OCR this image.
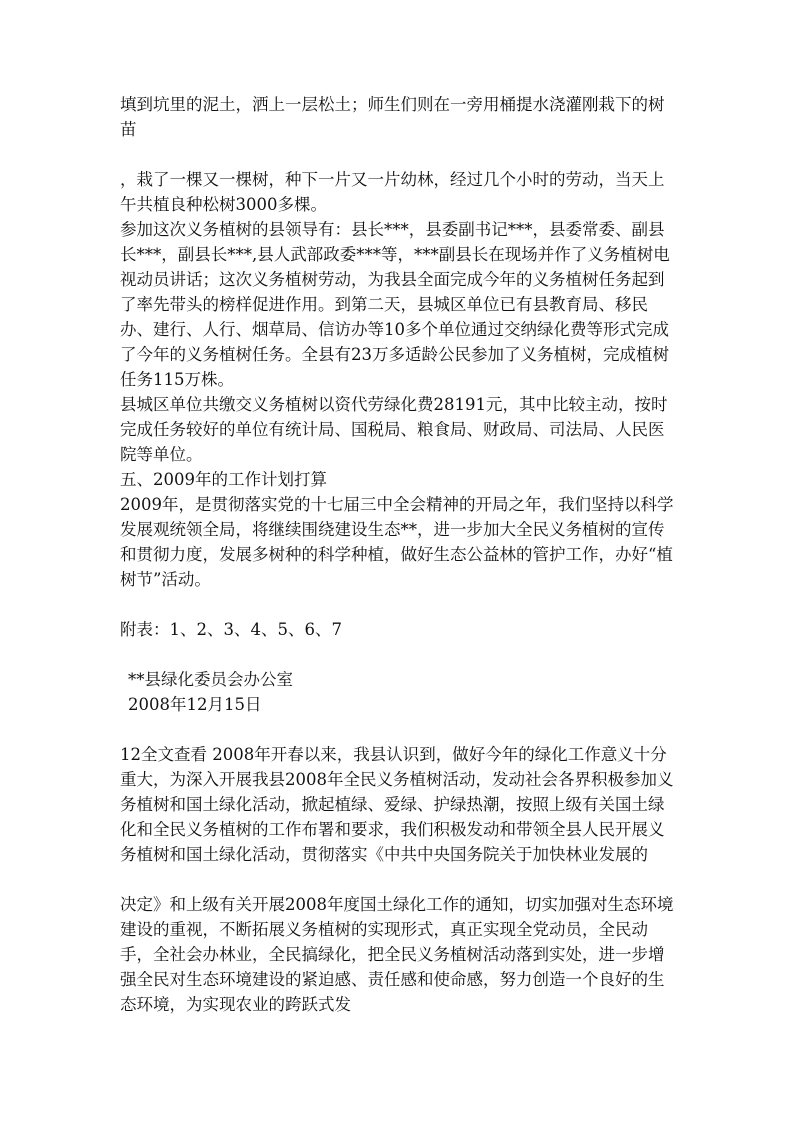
填到坑里的泥土，洒上一层松土；师生们则在一旁用桶提水浇灌刚栽下的树苗

，栽了一棵又一棵树，种下一片又一片幼林，经过几个小时的劳动，当天上午共植良种松树3000多棵。

参加这次义务植树的县领导有：县长***，县委副书记***，县委常委、副县长***，副县长***,县人武部政委***等，***副县长在现场并作了义务植树电视动员讲话；这次义务植树劳动，为我县全面完成今年的义务植树任务起到了率先带头的榜样促进作用。到第二天，县城区单位已有县教育局、移民办、建行、人行、烟草局、信访办等10多个单位通过交纳绿化费等形式完成了今年的义务植树任务。全县有23万多适龄公民参加了义务植树，完成植树任务115万株。

县城区单位共缴交义务植树以资代劳绿化费28191元，其中比较主动，按时完成任务较好的单位有统计局、国税局、粮食局、财政局、司法局、人民医院等单位。

五、2009年的工作计划打算

2009年，是贯彻落实党的十七届三中全会精神的开局之年，我们坚持以科学发展观统领全局，将继续围绕建设生态**，进一步加大全民义务植树的宣传和贯彻力度，发展多树种的科学种植，做好生态公益林的管护工作，办好“植树节”活动。

附表：1、2、3、4、5、6、7

**县绿化委员会办公室

2008年12月15日

12全文查看 2008年开春以来，我县认识到，做好今年的绿化工作意义十分重大，为深入开展我县2008年全民义务植树活动，发动社会各界积极参加义务植树和国土绿化活动，掀起植绿、爱绿、护绿热潮，按照上级有关国土绿化和全民义务植树的工作布署和要求，我们积极发动和带领全县人民开展义务植树和国土绿化活动，贯彻落实《中共中央国务院关于加快林业发展的

决定》和上级有关开展2008年度国土绿化工作的通知，切实加强对生态环境建设的重视，不断拓展义务植树的实现形式，真正实现全党动员，全民动手，全社会办林业，全民搞绿化，把全民义务植树活动落到实处，进一步增强全民对生态环境建设的紧迫感、责任感和使命感，努力创造一个良好的生态环境，为实现农业的跨跃式发
